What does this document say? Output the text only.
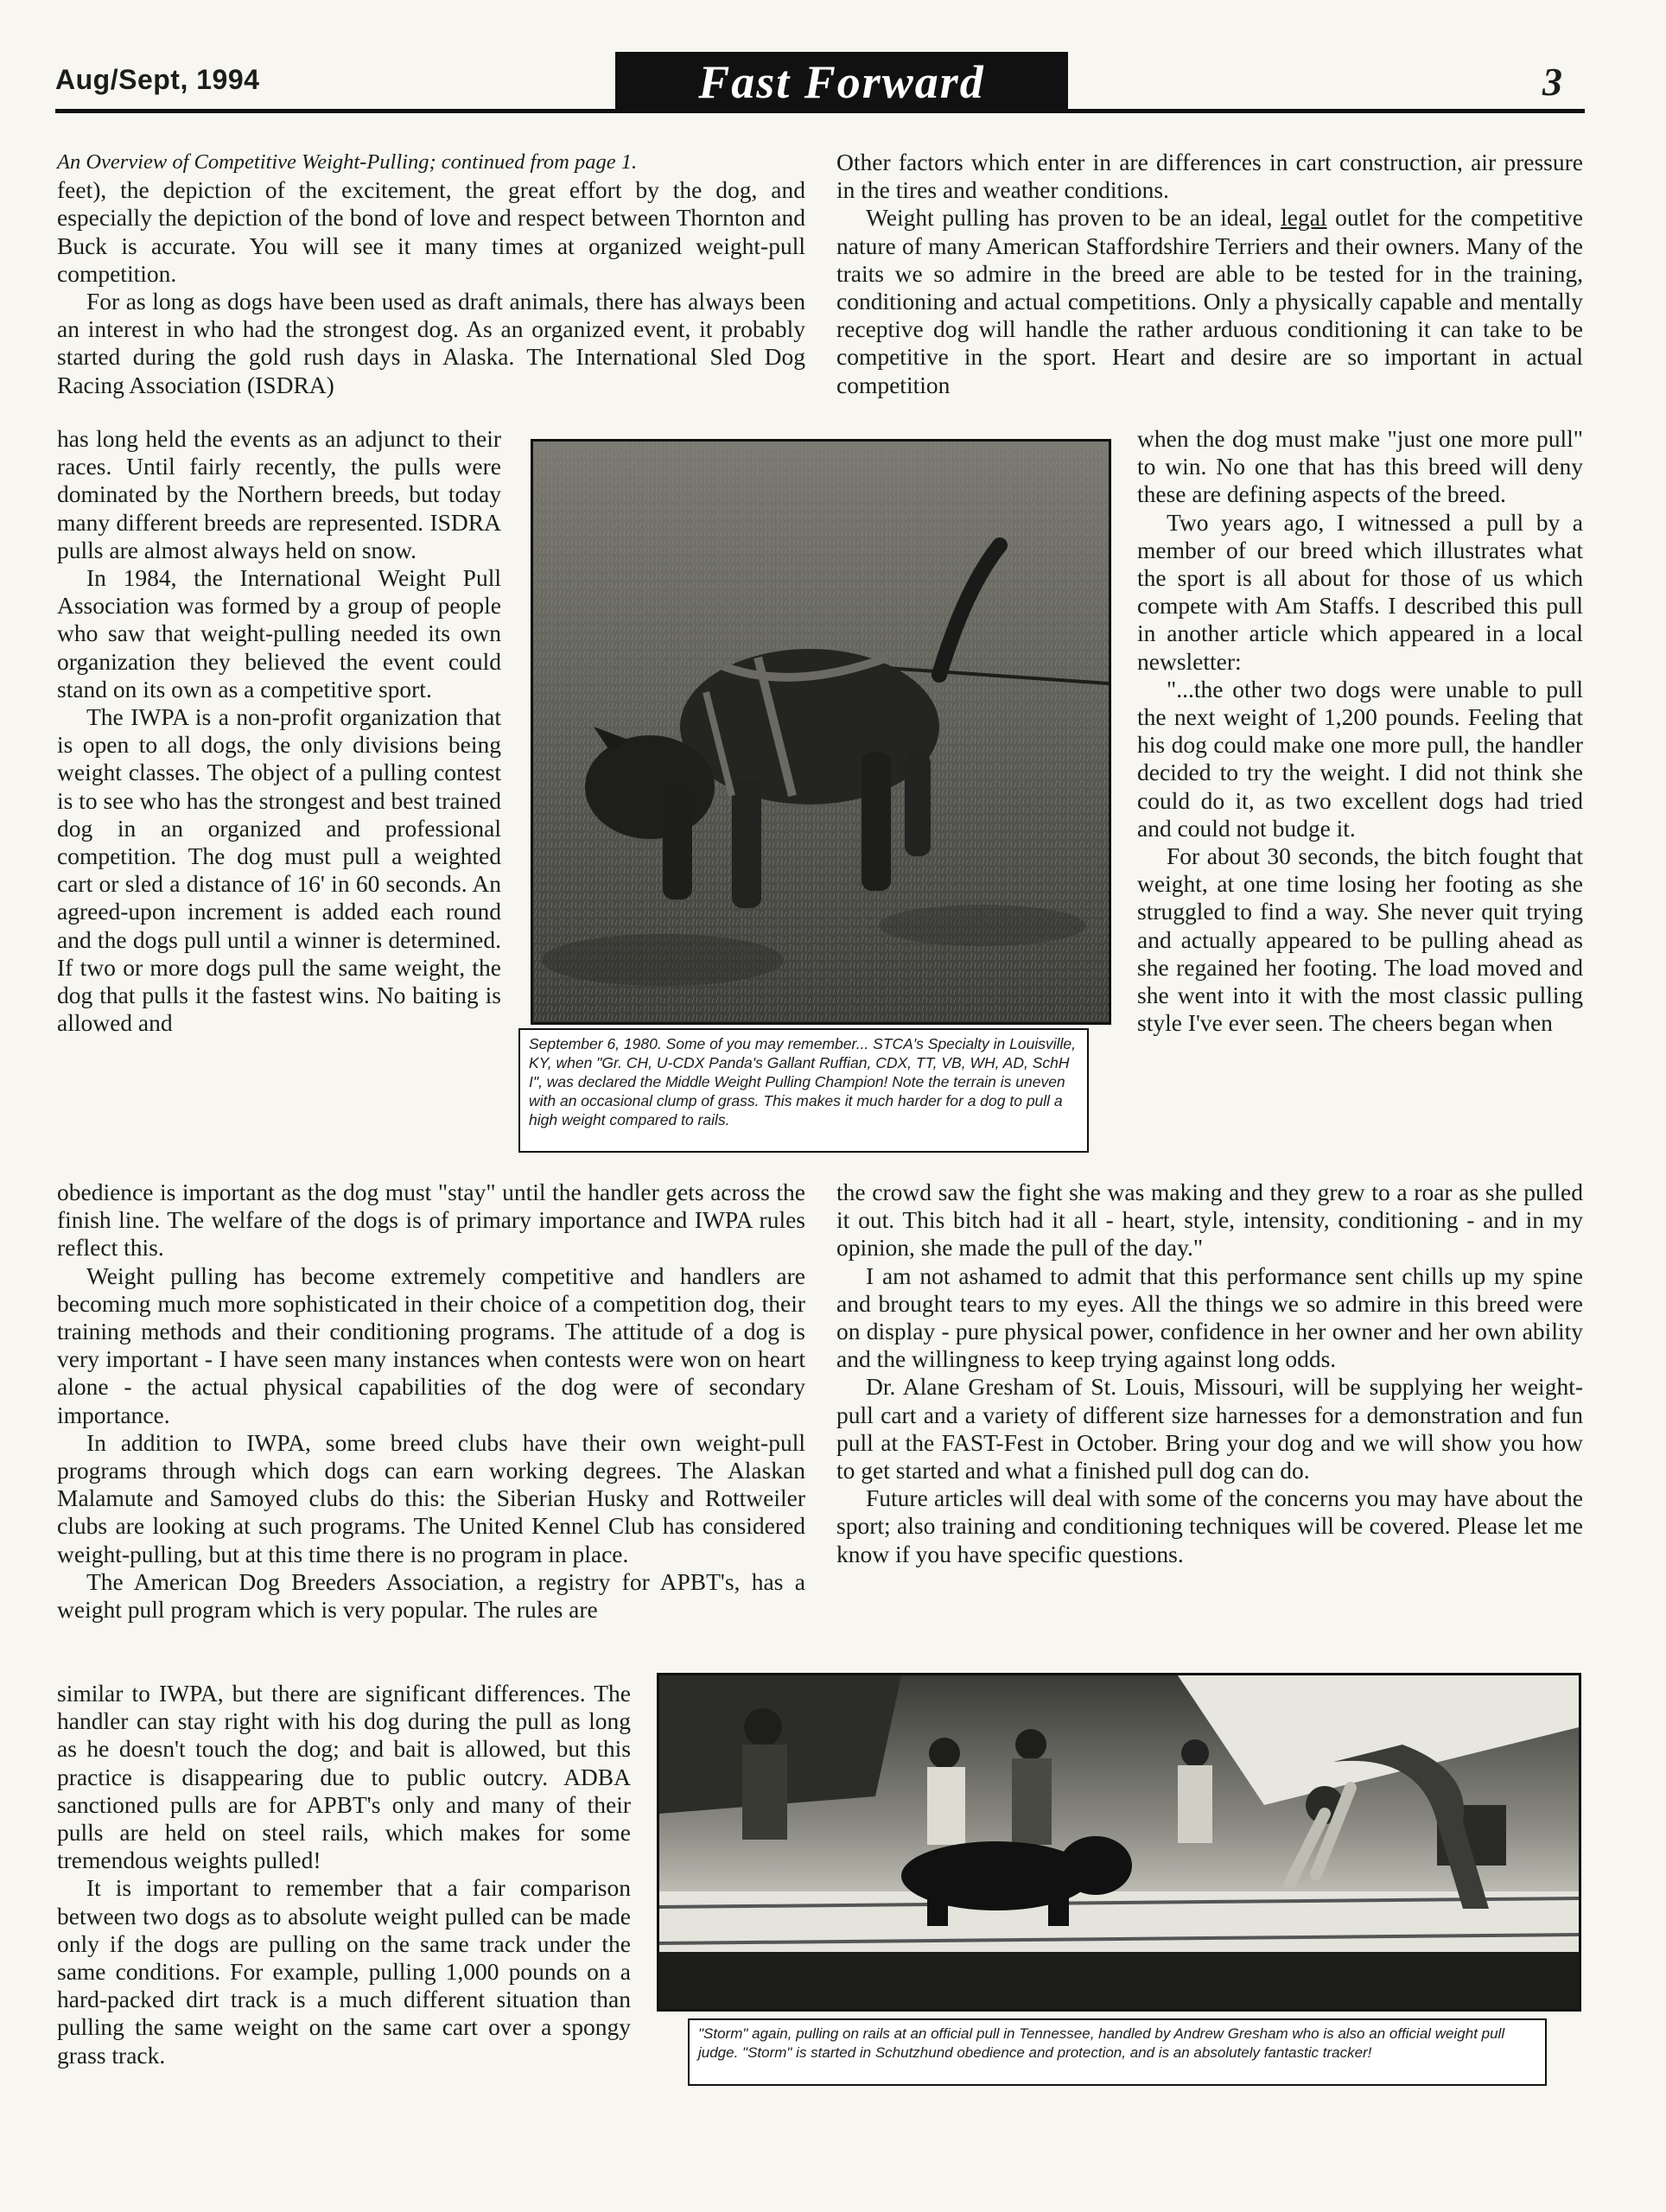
Aug/Sept, 1994	Fast Forward	3

An Overview of Competitive Weight-Pulling; continued from page 1.

feet), the depiction of the excitement, the great effort by the dog, and especially the depiction of the bond of love and respect between Thornton and Buck is accurate. You will see it many times at organized weight-pull competition.

For as long as dogs have been used as draft animals, there has always been an interest in who had the strongest dog. As an organized event, it probably started during the gold rush days in Alaska. The International Sled Dog Racing Association (ISDRA)

has long held the events as an adjunct to their races. Until fairly recently, the pulls were dominated by the Northern breeds, but today many different breeds are represented. ISDRA pulls are almost always held on snow.

In 1984, the International Weight Pull Association was formed by a group of people who saw that weight-pulling needed its own organization they believed the event could stand on its own as a competitive sport.

The IWPA is a non-profit organization that is open to all dogs, the only divisions being weight classes. The object of a pulling contest is to see who has the strongest and best trained dog in an organized and professional competition. The dog must pull a weighted cart or sled a distance of 16' in 60 seconds. An agreed-upon increment is added each round and the dogs pull until a winner is determined. If two or more dogs pull the same weight, the dog that pulls it the fastest wins. No baiting is allowed and

obedience is important as the dog must "stay" until the handler gets across the finish line. The welfare of the dogs is of primary importance and IWPA rules reflect this.

Weight pulling has become extremely competitive and handlers are becoming much more sophisticated in their choice of a competition dog, their training methods and their conditioning programs. The attitude of a dog is very important - I have seen many instances when contests were won on heart alone - the actual physical capabilities of the dog were of secondary importance.

In addition to IWPA, some breed clubs have their own weight-pull programs through which dogs can earn working degrees. The Alaskan Malamute and Samoyed clubs do this: the Siberian Husky and Rottweiler clubs are looking at such programs. The United Kennel Club has considered weight-pulling, but at this time there is no program in place.

The American Dog Breeders Association, a registry for APBT's, has a weight pull program which is very popular. The rules are

similar to IWPA, but there are significant differences. The handler can stay right with his dog during the pull as long as he doesn't touch the dog; and bait is allowed, but this practice is disappearing due to public outcry. ADBA sanctioned pulls are for APBT's only and many of their pulls are held on steel rails, which makes for some tremendous weights pulled!

It is important to remember that a fair comparison between two dogs as to absolute weight pulled can be made only if the dogs are pulling on the same track under the same conditions. For example, pulling 1,000 pounds on a hard-packed dirt track is a much different situation than pulling the same weight on the same cart over a spongy grass track.

Other factors which enter in are differences in cart construction, air pressure in the tires and weather conditions.

Weight pulling has proven to be an ideal, legal outlet for the competitive nature of many American Staffordshire Terriers and their owners. Many of the traits we so admire in the breed are able to be tested for in the training, conditioning and actual competitions. Only a physically capable and mentally receptive dog will handle the rather arduous conditioning it can take to be competitive in the sport. Heart and desire are so important in actual competition

when the dog must make "just one more pull" to win. No one that has this breed will deny these are defining aspects of the breed.

Two years ago, I witnessed a pull by a member of our breed which illustrates what the sport is all about for those of us which compete with Am Staffs. I described this pull in another article which appeared in a local newsletter:

"...the other two dogs were unable to pull the next weight of 1,200 pounds. Feeling that his dog could make one more pull, the handler decided to try the weight. I did not think she could do it, as two excellent dogs had tried and could not budge it.

For about 30 seconds, the bitch fought that weight, at one time losing her footing as she struggled to find a way. She never quit trying and actually appeared to be pulling ahead as she regained her footing. The load moved and she went into it with the most classic pulling style I've ever seen. The cheers began when

the crowd saw the fight she was making and they grew to a roar as she pulled it out. This bitch had it all - heart, style, intensity, conditioning - and in my opinion, she made the pull of the day."

I am not ashamed to admit that this performance sent chills up my spine and brought tears to my eyes. All the things we so admire in this breed were on display - pure physical power, confidence in her owner and her own ability and the willingness to keep trying against long odds.

Dr. Alane Gresham of St. Louis, Missouri, will be supplying her weight-pull cart and a variety of different size harnesses for a demonstration and fun pull at the FAST-Fest in October. Bring your dog and we will show you how to get started and what a finished pull dog can do.

Future articles will deal with some of the concerns you may have about the sport; also training and conditioning techniques will be covered. Please let me know if you have specific questions.

September 6, 1980. Some of you may remember... STCA's Specialty in Louisville, KY, when "Gr. CH, U-CDX Panda's Gallant Ruffian, CDX, TT, VB, WH, AD, SchH I", was declared the Middle Weight Pulling Champion! Note the terrain is uneven with an occasional clump of grass. This makes it much harder for a dog to pull a high weight compared to rails.
"Storm" again, pulling on rails at an official pull in Tennessee, handled by Andrew Gresham who is also an official weight pull judge. "Storm" is started in Schutzhund obedience and protection, and is an absolutely fantastic tracker!
